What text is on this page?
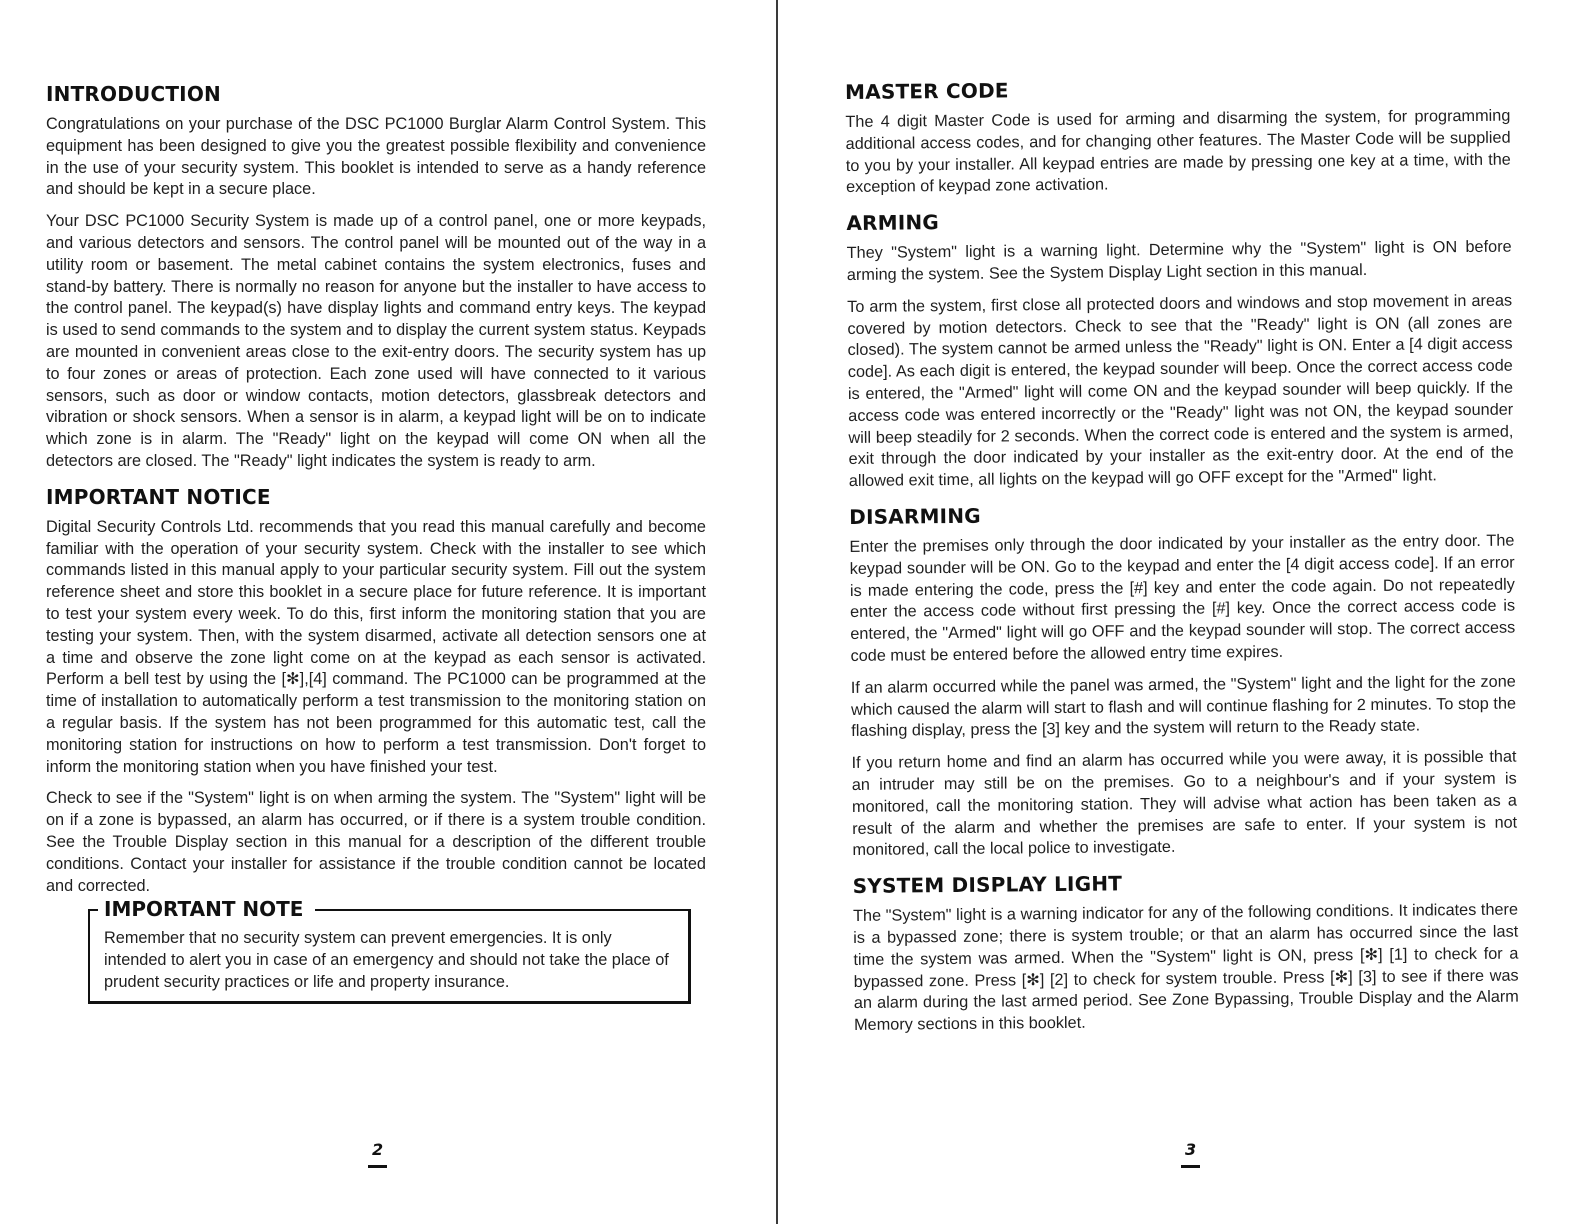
INTRODUCTION

Congratulations on your purchase of the DSC PC1000 Burglar Alarm Control System. This equipment has been designed to give you the greatest possible flexibility and convenience in the use of your security system. This booklet is intended to serve as a handy reference and should be kept in a secure place.

Your DSC PC1000 Security System is made up of a control panel, one or more keypads, and various detectors and sensors. The control panel will be mounted out of the way in a utility room or basement. The metal cabinet contains the system electronics, fuses and stand-by battery. There is normally no reason for anyone but the installer to have access to the control panel. The keypad(s) have display lights and command entry keys. The keypad is used to send commands to the system and to display the current system status. Keypads are mounted in convenient areas close to the exit-entry doors. The security system has up to four zones or areas of protection. Each zone used will have connected to it various sensors, such as door or window contacts, motion detectors, glassbreak detectors and vibration or shock sensors. When a sensor is in alarm, a keypad light will be on to indicate which zone is in alarm. The "Ready" light on the keypad will come ON when all the detectors are closed. The "Ready" light indicates the system is ready to arm.

IMPORTANT NOTICE

Digital Security Controls Ltd. recommends that you read this manual carefully and become familiar with the operation of your security system. Check with the installer to see which commands listed in this manual apply to your particular security system. Fill out the system reference sheet and store this booklet in a secure place for future reference. It is important to test your system every week. To do this, first inform the monitoring station that you are testing your system. Then, with the system disarmed, activate all detection sensors one at a time and observe the zone light come on at the keypad as each sensor is activated. Perform a bell test by using the [✻],[4] command. The PC1000 can be programmed at the time of installation to automatically perform a test transmission to the monitoring station on a regular basis. If the system has not been programmed for this automatic test, call the monitoring station for instructions on how to perform a test transmission. Don't forget to inform the monitoring station when you have finished your test.

Check to see if the "System" light is on when arming the system. The "System" light will be on if a zone is bypassed, an alarm has occurred, or if there is a system trouble condition. See the Trouble Display section in this manual for a description of the different trouble conditions. Contact your installer for assistance if the trouble condition cannot be located and corrected.

IMPORTANT NOTE

Remember that no security system can prevent emergencies. It is only intended to alert you in case of an emergency and should not take the place of prudent security practices or life and property insurance.

2
MASTER CODE

The 4 digit Master Code is used for arming and disarming the system, for programming additional access codes, and for changing other features. The Master Code will be supplied to you by your installer. All keypad entries are made by pressing one key at a time, with the exception of keypad zone activation.

ARMING

They "System" light is a warning light. Determine why the "System" light is ON before arming the system. See the System Display Light section in this manual.

To arm the system, first close all protected doors and windows and stop movement in areas covered by motion detectors. Check to see that the "Ready" light is ON (all zones are closed). The system cannot be armed unless the "Ready" light is ON. Enter a [4 digit access code]. As each digit is entered, the keypad sounder will beep. Once the correct access code is entered, the "Armed" light will come ON and the keypad sounder will beep quickly. If the access code was entered incorrectly or the "Ready" light was not ON, the keypad sounder will beep steadily for 2 seconds. When the correct code is entered and the system is armed, exit through the door indicated by your installer as the exit-entry door. At the end of the allowed exit time, all lights on the keypad will go OFF except for the "Armed" light.

DISARMING

Enter the premises only through the door indicated by your installer as the entry door. The keypad sounder will be ON. Go to the keypad and enter the [4 digit access code]. If an error is made entering the code, press the [#] key and enter the code again. Do not repeatedly enter the access code without first pressing the [#] key. Once the correct access code is entered, the "Armed" light will go OFF and the keypad sounder will stop. The correct access code must be entered before the allowed entry time expires.

If an alarm occurred while the panel was armed, the "System" light and the light for the zone which caused the alarm will start to flash and will continue flashing for 2 minutes. To stop the flashing display, press the [3] key and the system will return to the Ready state.

If you return home and find an alarm has occurred while you were away, it is possible that an intruder may still be on the premises. Go to a neighbour's and if your system is monitored, call the monitoring station. They will advise what action has been taken as a result of the alarm and whether the premises are safe to enter. If your system is not monitored, call the local police to investigate.

SYSTEM DISPLAY LIGHT

The "System" light is a warning indicator for any of the following conditions. It indicates there is a bypassed zone; there is system trouble; or that an alarm has occurred since the last time the system was armed. When the "System" light is ON, press [✻] [1] to check for a bypassed zone. Press [✻] [2] to check for system trouble. Press [✻] [3] to see if there was an alarm during the last armed period. See Zone Bypassing, Trouble Display and the Alarm Memory sections in this booklet.

3
